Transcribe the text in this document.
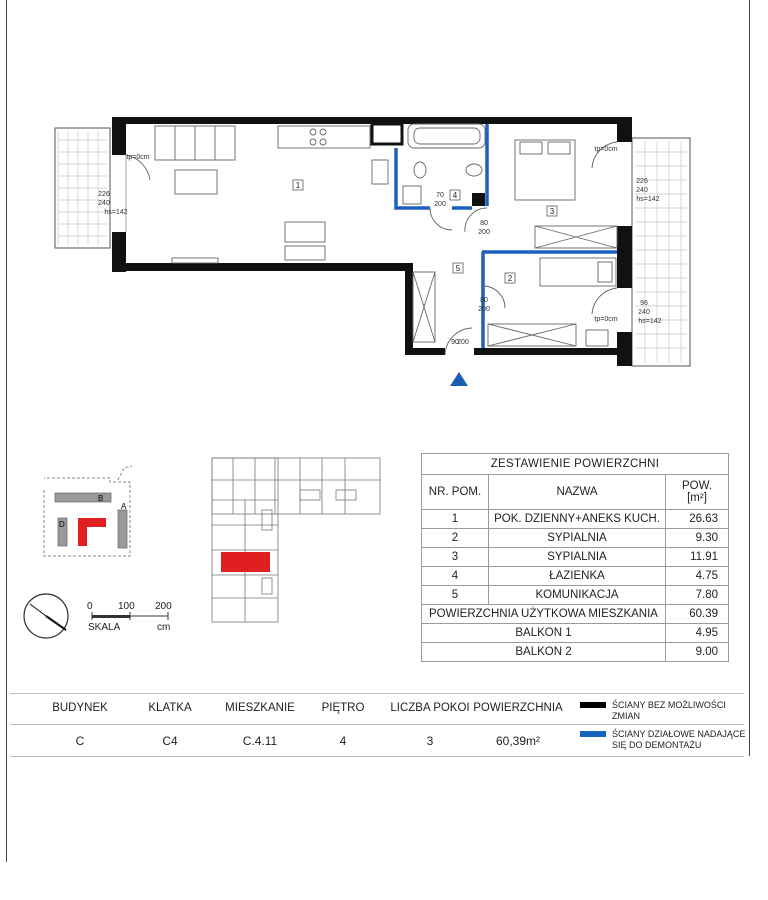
1
2
3
4
5
226
240
hs=142
226
240
hs=142
96
240
hs=142
80
200
80
200
70
200
90
200
tp=0cm
tp=0cm
tp=0cm
A
B
D
0	100 200
SKALA	cm
ZESTAWIENIE POWIERZCHNI		
NR. POM.	NAZWA	POW.
[m²]
1	POK. DZIENNY+ANEKS KUCH.	26.63
2	SYPIALNIA	9.30
3	SYPIALNIA	11.91
4	ŁAZIENKA	4.75
5	KOMUNIKACJA	7.80
POWIERZCHNIA UŻYTKOWA MIESZKANIA		60.39
BALKON 1		4.95
BALKON 2		9.00
BUDYNEK	KLATKA	MIESZKANIE	PIĘTRO	LICZBA POKOI POWIERZCHNIA
C	C4	C.4.11	4	3	60,39m²
ŚCIANY BEZ MOŻLIWOŚCI ZMIAN
ŚCIANY DZIAŁOWE NADAJĄCE SIĘ DO DEMONTAŻU
